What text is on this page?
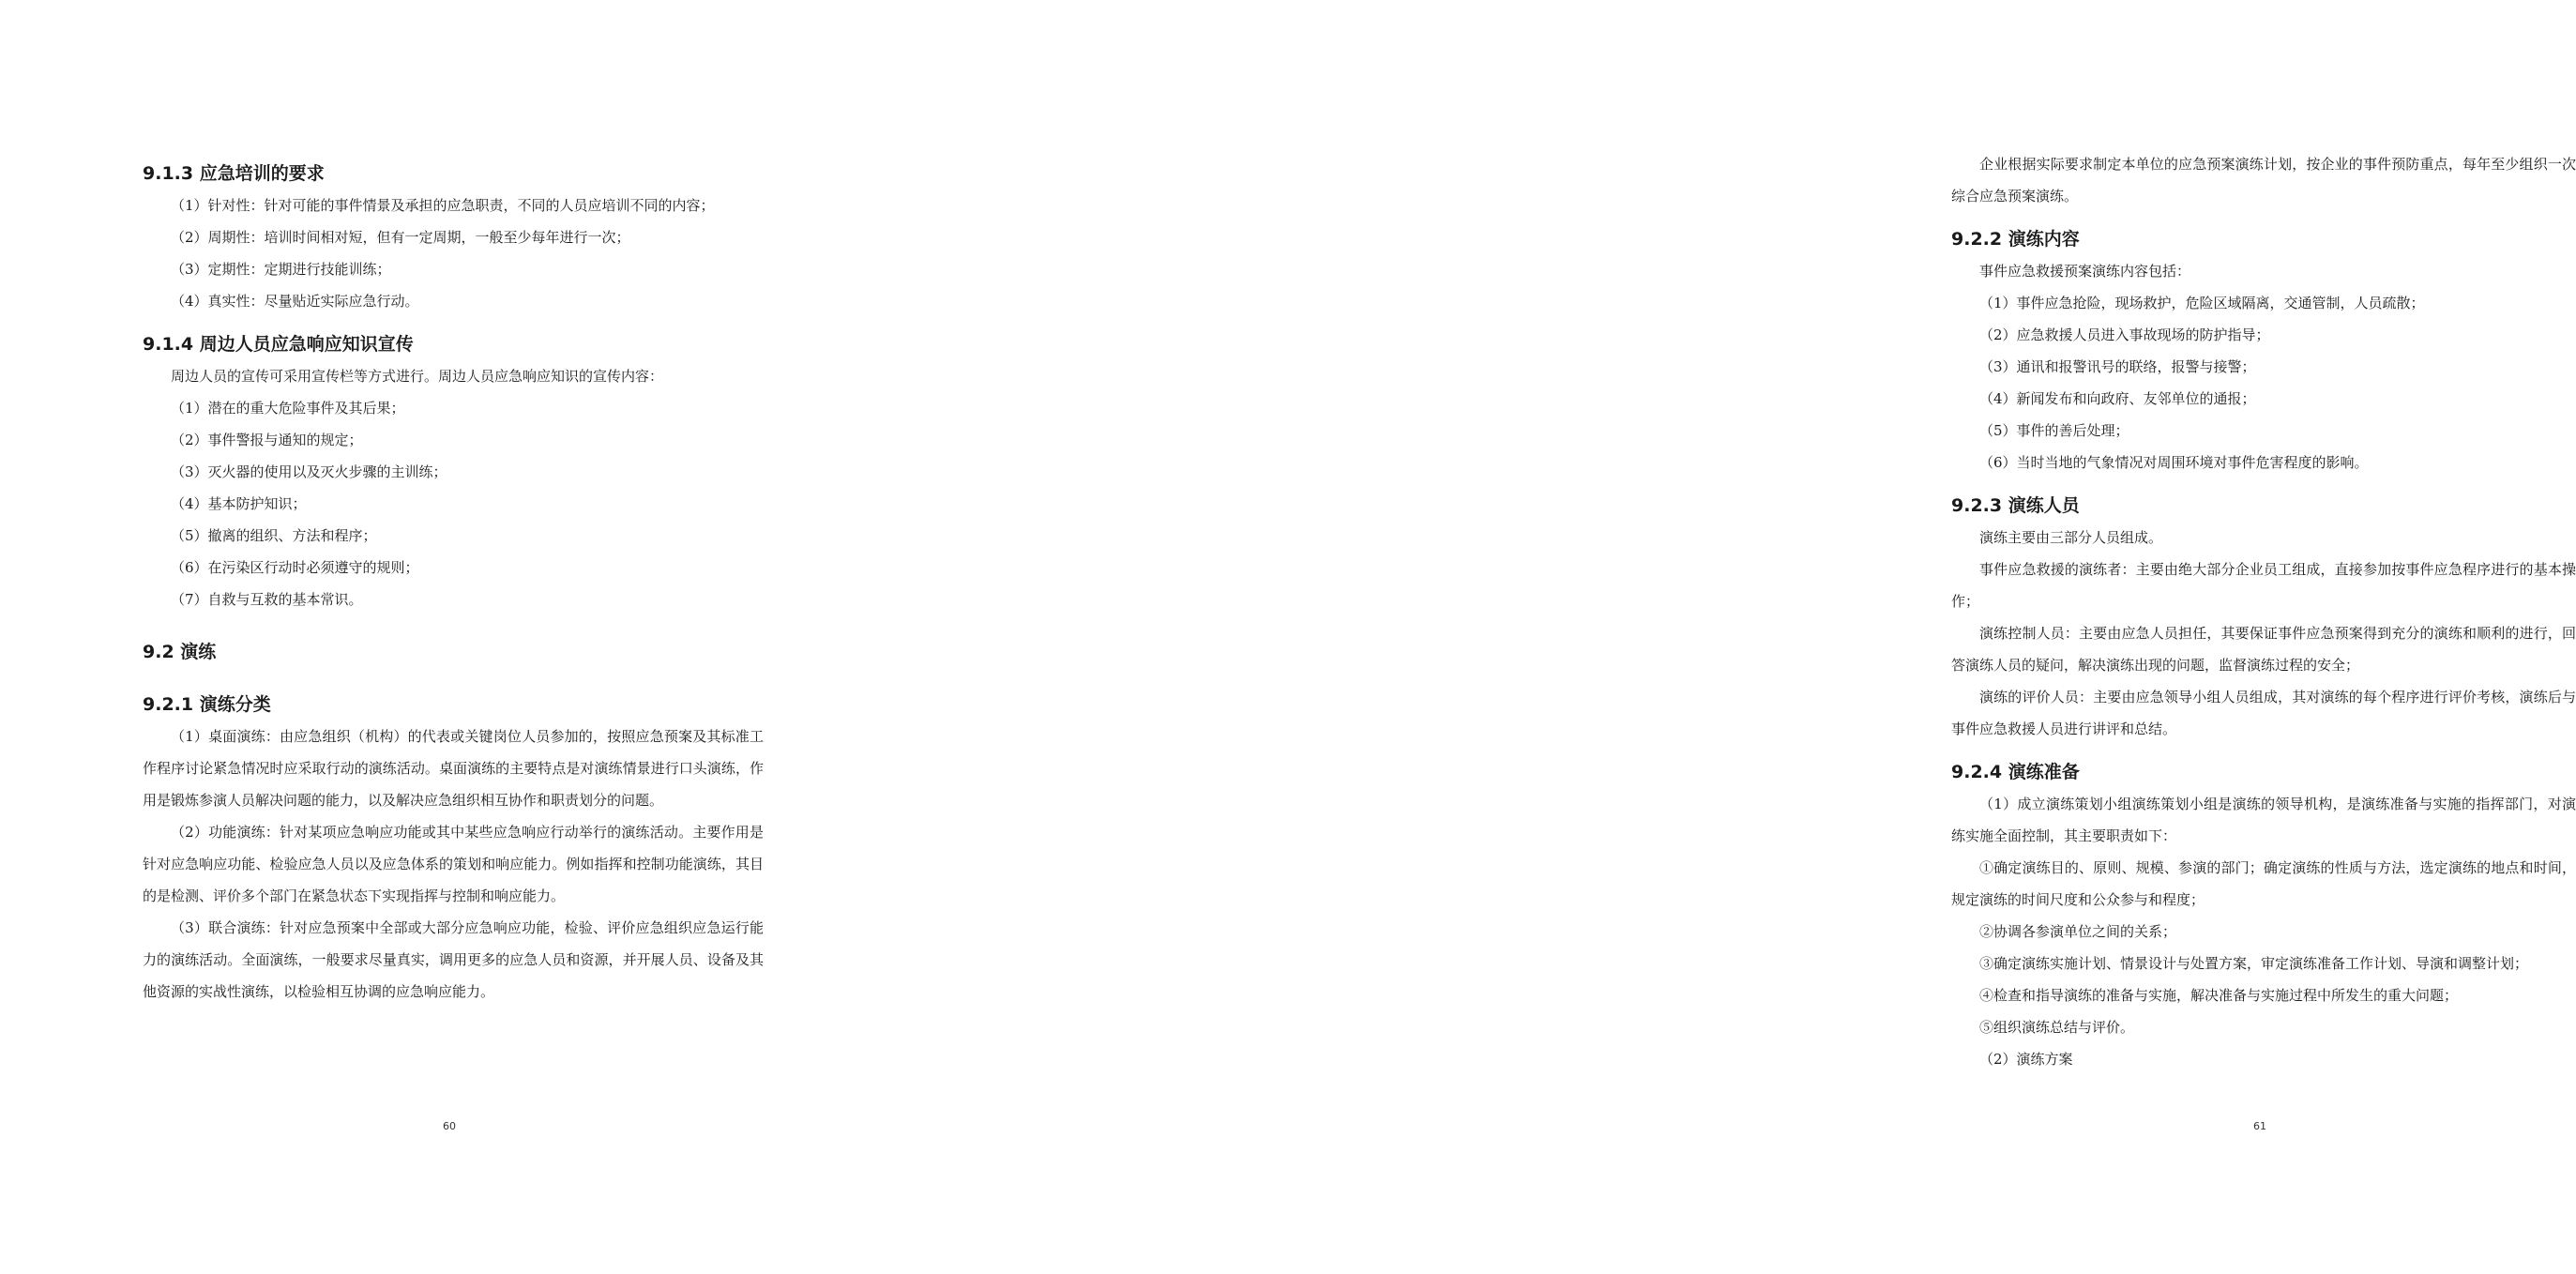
9.1.3 应急培训的要求

（1）针对性：针对可能的事件情景及承担的应急职责，不同的人员应培训不同的内容；

（2）周期性：培训时间相对短，但有一定周期，一般至少每年进行一次；

（3）定期性：定期进行技能训练；

（4）真实性：尽量贴近实际应急行动。

9.1.4 周边人员应急响应知识宣传

周边人员的宣传可采用宣传栏等方式进行。周边人员应急响应知识的宣传内容：

（1）潜在的重大危险事件及其后果；

（2）事件警报与通知的规定；

（3）灭火器的使用以及灭火步骤的主训练；

（4）基本防护知识；

（5）撤离的组织、方法和程序；

（6）在污染区行动时必须遵守的规则；

（7）自救与互救的基本常识。

9.2 演练

9.2.1 演练分类

（1）桌面演练：由应急组织（机构）的代表或关键岗位人员参加的，按照应急预案及其标准工作程序讨论紧急情况时应采取行动的演练活动。桌面演练的主要特点是对演练情景进行口头演练，作用是锻炼参演人员解决问题的能力，以及解决应急组织相互协作和职责划分的问题。

（2）功能演练：针对某项应急响应功能或其中某些应急响应行动举行的演练活动。主要作用是针对应急响应功能、检验应急人员以及应急体系的策划和响应能力。例如指挥和控制功能演练，其目的是检测、评价多个部门在紧急状态下实现指挥与控制和响应能力。

（3）联合演练：针对应急预案中全部或大部分应急响应功能，检验、评价应急组织应急运行能力的演练活动。全面演练，一般要求尽量真实，调用更多的应急人员和资源，并开展人员、设备及其他资源的实战性演练，以检验相互协调的应急响应能力。

60

企业根据实际要求制定本单位的应急预案演练计划，按企业的事件预防重点，每年至少组织一次综合应急预案演练。

9.2.2 演练内容

事件应急救援预案演练内容包括：

（1）事件应急抢险，现场救护，危险区域隔离，交通管制，人员疏散；

（2）应急救援人员进入事故现场的防护指导；

（3）通讯和报警讯号的联络，报警与接警；

（4）新闻发布和向政府、友邻单位的通报；

（5）事件的善后处理；

（6）当时当地的气象情况对周围环境对事件危害程度的影响。

9.2.3 演练人员

演练主要由三部分人员组成。

事件应急救援的演练者：主要由绝大部分企业员工组成，直接参加按事件应急程序进行的基本操作；

演练控制人员：主要由应急人员担任，其要保证事件应急预案得到充分的演练和顺利的进行，回答演练人员的疑问，解决演练出现的问题，监督演练过程的安全；

演练的评价人员：主要由应急领导小组人员组成，其对演练的每个程序进行评价考核，演练后与事件应急救援人员进行讲评和总结。

9.2.4 演练准备

（1）成立演练策划小组演练策划小组是演练的领导机构，是演练准备与实施的指挥部门，对演练实施全面控制，其主要职责如下：

①确定演练目的、原则、规模、参演的部门；确定演练的性质与方法，选定演练的地点和时间，规定演练的时间尺度和公众参与和程度；

②协调各参演单位之间的关系；

③确定演练实施计划、情景设计与处置方案，审定演练准备工作计划、导演和调整计划；

④检查和指导演练的准备与实施，解决准备与实施过程中所发生的重大问题；

⑤组织演练总结与评价。

（2）演练方案

61
